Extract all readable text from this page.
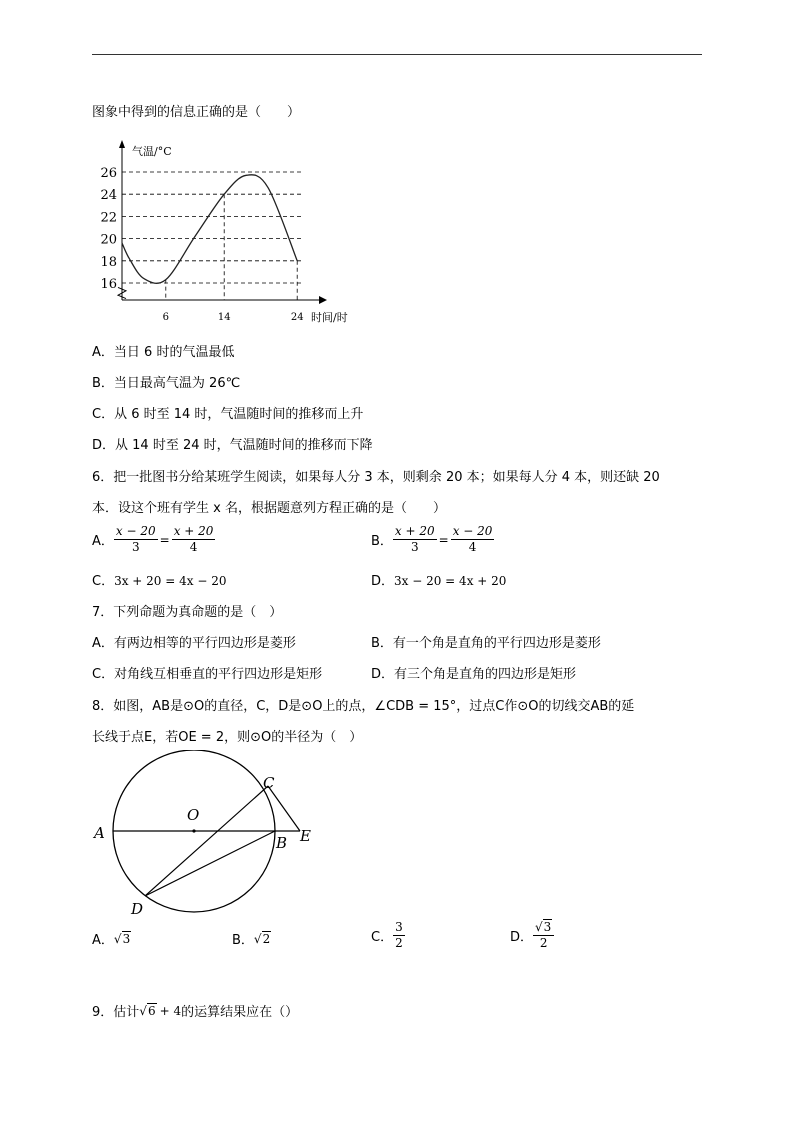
图象中得到的信息正确的是（　　）
16
18
20
22
24
26
6	14	24
气温/°C
时间/时
A．当日 6 时的气温最低
B．当日最高气温为 26℃
C．从 6 时至 14 时，气温随时间的推移而上升
D．从 14 时至 24 时，气温随时间的推移而下降
6．把一批图书分给某班学生阅读，如果每人分 3 本，则剩余 20 本；如果每人分 4 本，则还缺 20
本．设这个班有学生 x 名，根据题意列方程正确的是（　　）
A． $\frac{x - 20}{3} = \frac{x + 20}{4}$	B． $\frac{x + 20}{3} = \frac{x - 20}{4}$
C．3x + 20 = 4x − 20	D．3x − 20 = 4x + 20
7．下列命题为真命题的是（　）
A．有两边相等的平行四边形是菱形	B．有一个角是直角的平行四边形是菱形
C．对角线互相垂直的平行四边形是矩形	D．有三个角是直角的四边形是矩形
8．如图，AB是⊙O的直径，C，D是⊙O上的点，∠CDB = 15°，过点C作⊙O的切线交AB的延
长线于点E，若OE = 2，则⊙O的半径为（　）
A
O
C
B E
D
A． √3	B． √2	C． $\frac{3}{2}$	D． $\frac{√3}{2}$
9．估计 √6 + 4 的运算结果应在（）
